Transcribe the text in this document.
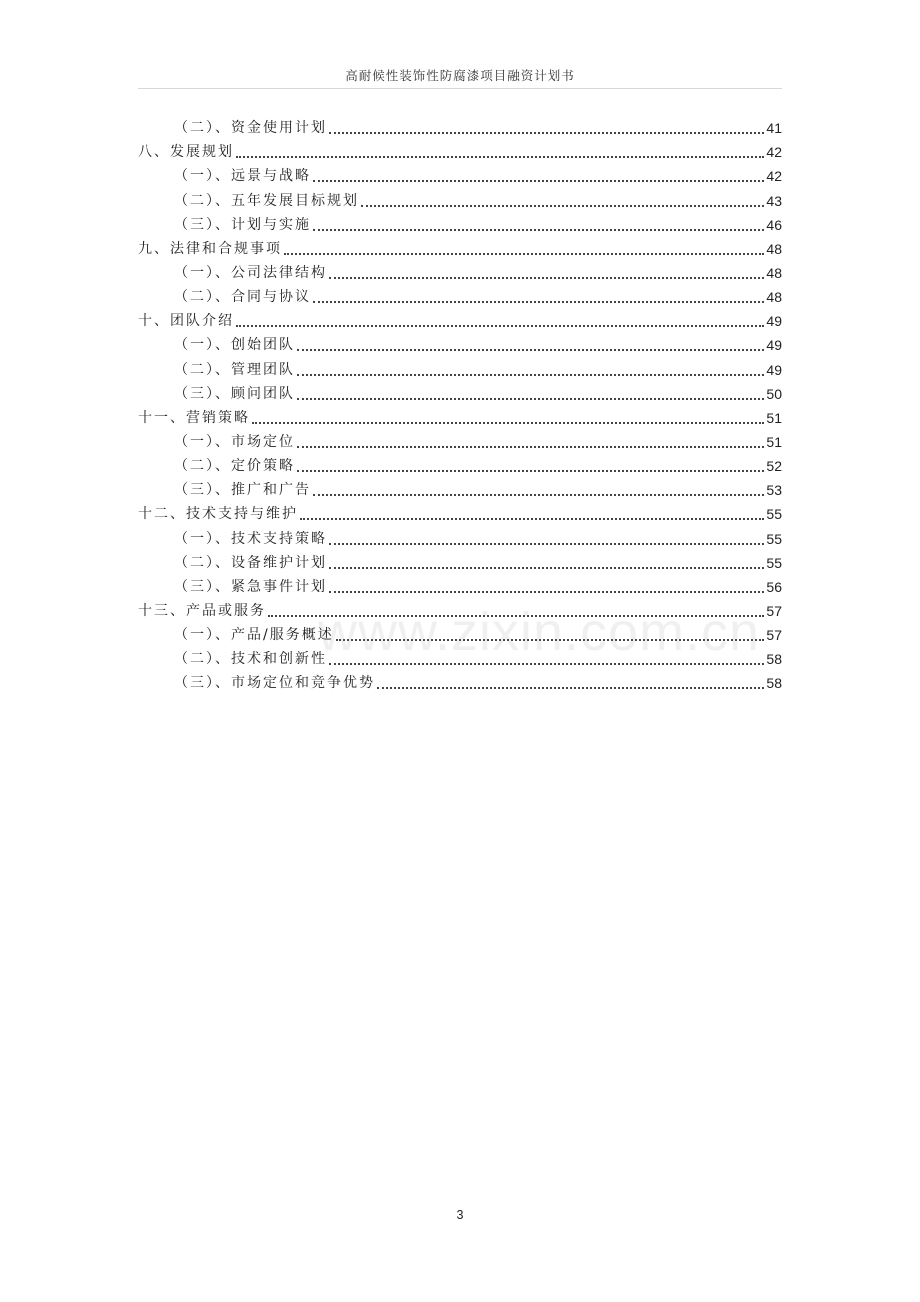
高耐候性装饰性防腐漆项目融资计划书
（二）、资金使用计划	41
八、发展规划	42
（一）、远景与战略	42
（二）、五年发展目标规划	43
（三）、计划与实施	46
九、法律和合规事项	48
（一）、公司法律结构	48
（二）、合同与协议	48
十、团队介绍	49
（一）、创始团队	49
（二）、管理团队	49
（三）、顾问团队	50
十一、营销策略	51
（一）、市场定位	51
（二）、定价策略	52
（三）、推广和广告	53
十二、技术支持与维护	55
（一）、技术支持策略	55
（二）、设备维护计划	55
（三）、紧急事件计划	56
十三、产品或服务	57
（一）、产品/服务概述	57
（二）、技术和创新性	58
（三）、市场定位和竞争优势	58
www.zixin.com.cn
3
